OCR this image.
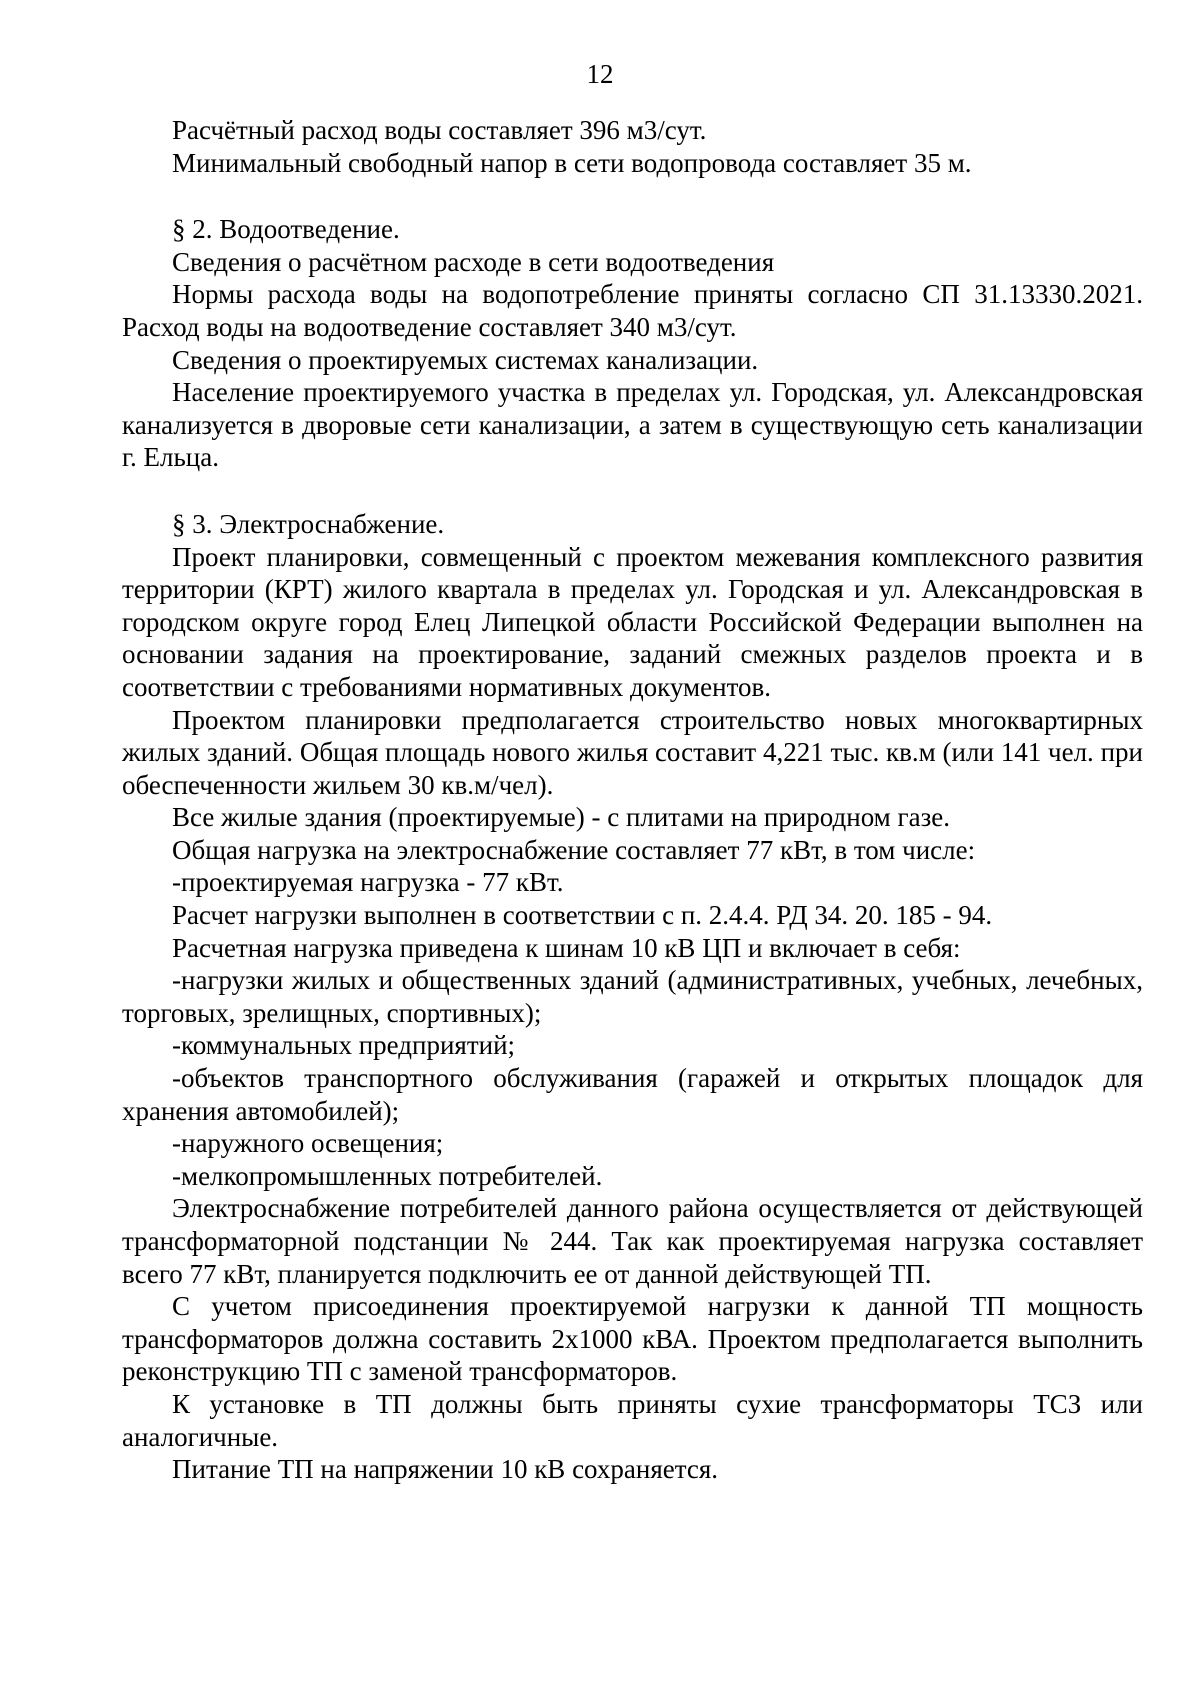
12

Расчётный расход воды составляет 396 м3/сут.

Минимальный свободный напор в сети водопровода составляет 35 м.

§ 2. Водоотведение.

Сведения о расчётном расходе в сети водоотведения

Нормы расхода воды на водопотребление приняты согласно СП 31.13330.2021. Расход воды на водоотведение составляет 340 м3/сут.

Сведения о проектируемых системах канализации.

Население проектируемого участка в пределах ул. Городская, ул. Александровская канализуется в дворовые сети канализации, а затем в существующую сеть канализации г. Ельца.

§ 3. Электроснабжение.

Проект планировки, совмещенный с проектом межевания комплексного развития территории (КРТ) жилого квартала в пределах ул. Городская и ул. Александровская в городском округе город Елец Липецкой области Российской Федерации выполнен на основании задания на проектирование, заданий смежных разделов проекта и в соответствии с требованиями нормативных документов.

Проектом планировки предполагается строительство новых многоквартирных жилых зданий. Общая площадь нового жилья составит 4,221 тыс. кв.м (или 141 чел. при обеспеченности жильем 30 кв.м/чел).

Все жилые здания (проектируемые) - с плитами на природном газе.

Общая нагрузка на электроснабжение составляет 77 кВт, в том числе:

-проектируемая нагрузка - 77 кВт.

Расчет нагрузки выполнен в соответствии с п. 2.4.4. РД 34. 20. 185 - 94.

Расчетная нагрузка приведена к шинам 10 кВ ЦП и включает в себя:

-нагрузки жилых и общественных зданий (административных, учебных, лечебных, торговых, зрелищных, спортивных);

-коммунальных предприятий;

-объектов транспортного обслуживания (гаражей и открытых площадок для хранения автомобилей);

-наружного освещения;

-мелкопромышленных потребителей.

Электроснабжение потребителей данного района осуществляется от действующей трансформаторной подстанции № 244. Так как проектируемая нагрузка составляет всего 77 кВт, планируется подключить ее от данной действующей ТП.

С учетом присоединения проектируемой нагрузки к данной ТП мощность трансформаторов должна составить 2х1000 кВА. Проектом предполагается выполнить реконструкцию ТП с заменой трансформаторов.

К установке в ТП должны быть приняты сухие трансформаторы ТСЗ или аналогичные.

Питание ТП на напряжении 10 кВ сохраняется.
